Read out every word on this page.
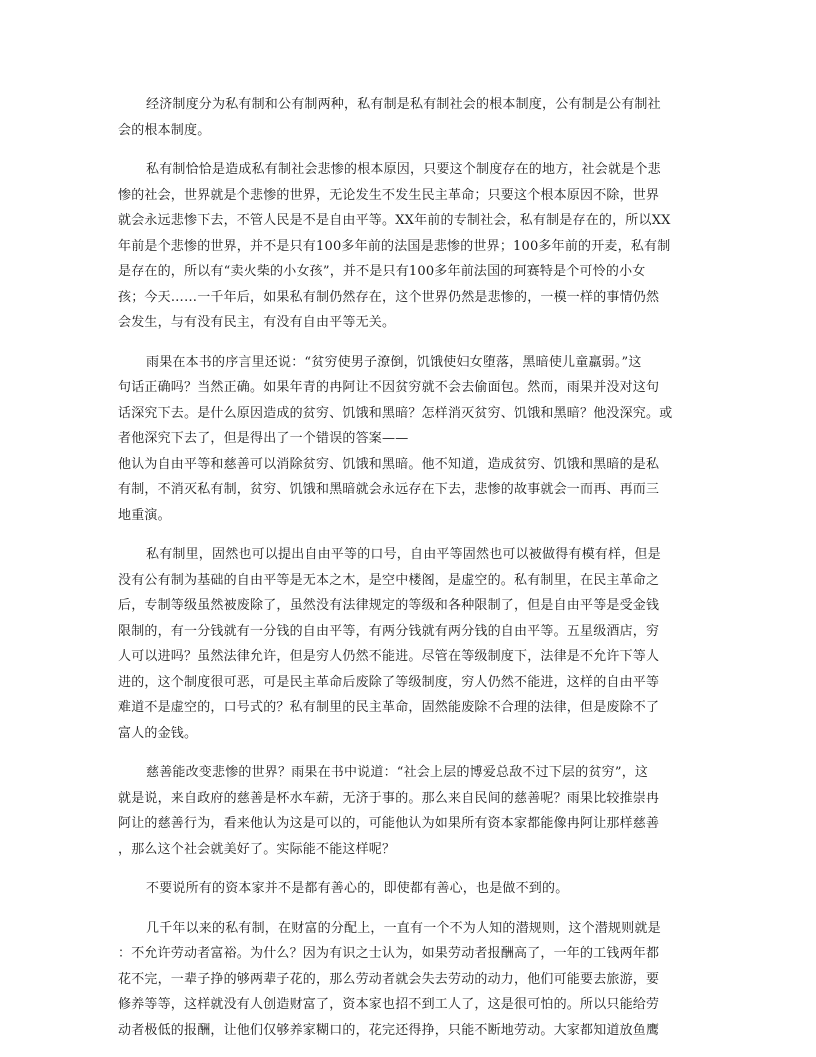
经济制度分为私有制和公有制两种，私有制是私有制社会的根本制度，公有制是公有制社
会的根本制度。

私有制恰恰是造成私有制社会悲惨的根本原因，只要这个制度存在的地方，社会就是个悲
惨的社会，世界就是个悲惨的世界，无论发生不发生民主革命；只要这个根本原因不除，世界
就会永远悲惨下去，不管人民是不是自由平等。XX年前的专制社会，私有制是存在的，所以XX
年前是个悲惨的世界，并不是只有100多年前的法国是悲惨的世界；100多年前的开麦，私有制
是存在的，所以有“卖火柴的小女孩”，并不是只有100多年前法国的珂赛特是个可怜的小女
孩；今天……一千年后，如果私有制仍然存在，这个世界仍然是悲惨的，一模一样的事情仍然
会发生，与有没有民主，有没有自由平等无关。

雨果在本书的序言里还说：“贫穷使男子潦倒，饥饿使妇女堕落，黑暗使儿童羸弱。”这
句话正确吗？当然正确。如果年青的冉阿让不因贫穷就不会去偷面包。然而，雨果并没对这句
话深究下去。是什么原因造成的贫穷、饥饿和黑暗？怎样消灭贫穷、饥饿和黑暗？他没深究。或
者他深究下去了，但是得出了一个错误的答案——
他认为自由平等和慈善可以消除贫穷、饥饿和黑暗。他不知道，造成贫穷、饥饿和黑暗的是私
有制，不消灭私有制，贫穷、饥饿和黑暗就会永远存在下去，悲惨的故事就会一而再、再而三
地重演。

私有制里，固然也可以提出自由平等的口号，自由平等固然也可以被做得有模有样，但是
没有公有制为基础的自由平等是无本之木，是空中楼阁，是虚空的。私有制里，在民主革命之
后，专制等级虽然被废除了，虽然没有法律规定的等级和各种限制了，但是自由平等是受金钱
限制的，有一分钱就有一分钱的自由平等，有两分钱就有两分钱的自由平等。五星级酒店，穷
人可以进吗？虽然法律允许，但是穷人仍然不能进。尽管在等级制度下，法律是不允许下等人
进的，这个制度很可恶，可是民主革命后废除了等级制度，穷人仍然不能进，这样的自由平等
难道不是虚空的，口号式的？私有制里的民主革命，固然能废除不合理的法律，但是废除不了
富人的金钱。

慈善能改变悲惨的世界？雨果在书中说道：“社会上层的博爱总敌不过下层的贫穷”，这
就是说，来自政府的慈善是杯水车薪，无济于事的。那么来自民间的慈善呢？雨果比较推崇冉
阿让的慈善行为，看来他认为这是可以的，可能他认为如果所有资本家都能像冉阿让那样慈善
，那么这个社会就美好了。实际能不能这样呢？

不要说所有的资本家并不是都有善心的，即使都有善心，也是做不到的。

几千年以来的私有制，在财富的分配上，一直有一个不为人知的潜规则，这个潜规则就是
：不允许劳动者富裕。为什么？因为有识之士认为，如果劳动者报酬高了，一年的工钱两年都
花不完，一辈子挣的够两辈子花的，那么劳动者就会失去劳动的动力，他们可能要去旅游，要
修养等等，这样就没有人创造财富了，资本家也招不到工人了，这是很可怕的。所以只能给劳
动者极低的报酬，让他们仅够养家糊口的，花完还得挣，只能不断地劳动。大家都知道放鱼鹰
